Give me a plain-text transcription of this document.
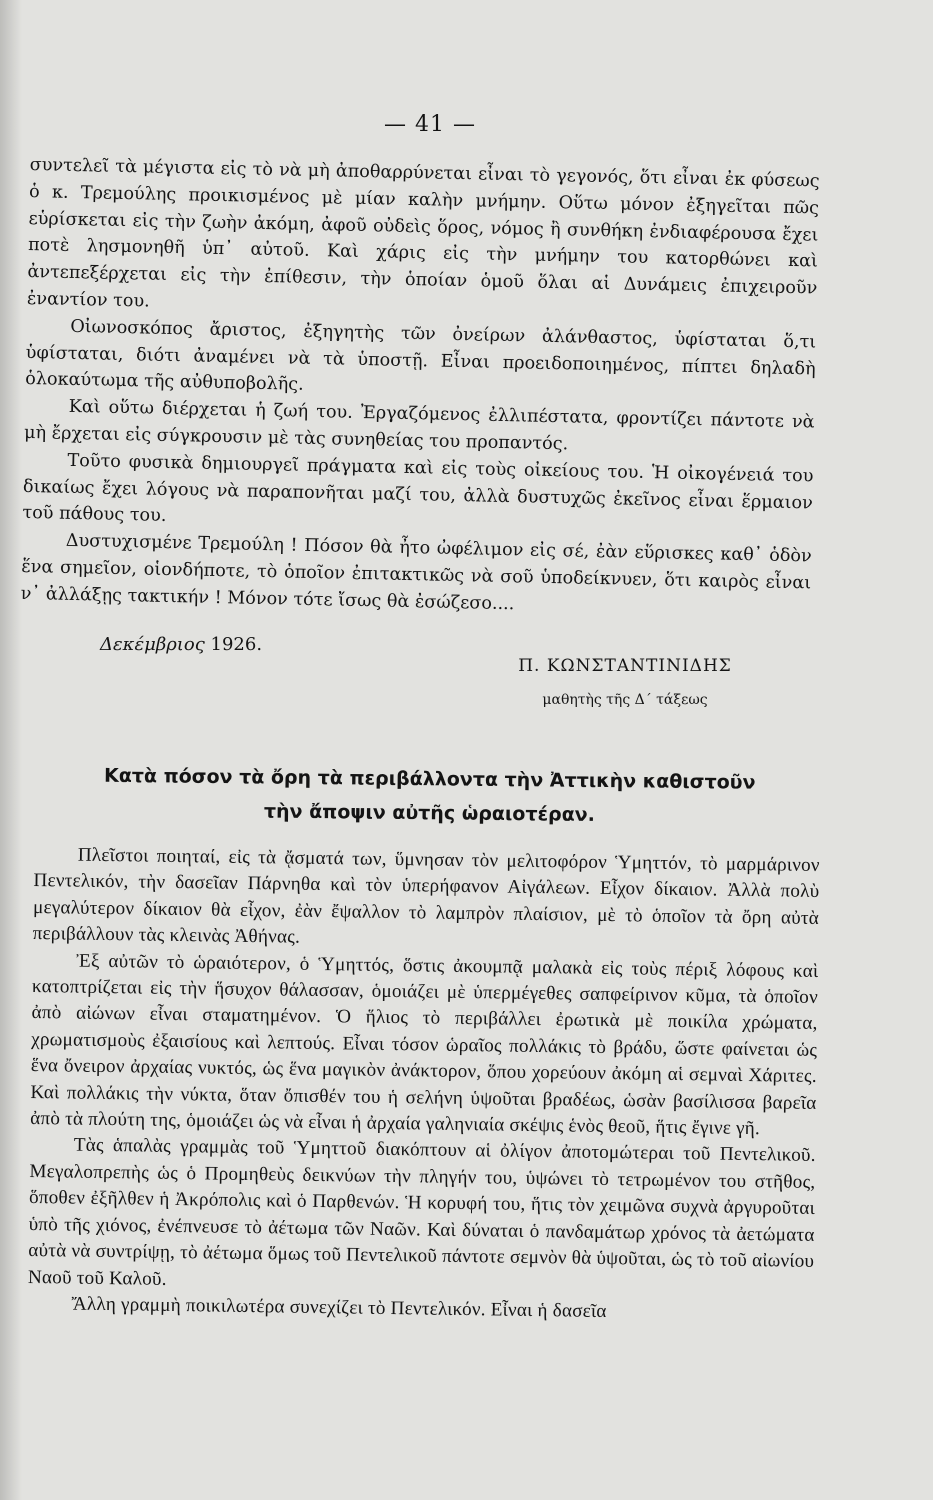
— 41 —

συντελεῖ τὰ μέγιστα εἰς τὸ νὰ μὴ ἀποθαρρύνεται εἶναι τὸ γεγονός, ὅτι εἶναι ἐκ φύσεως ὁ κ. Τρεμούλης προικισμένος μὲ μίαν καλὴν μνήμην. Οὕτω μόνον ἐξηγεῖται πῶς εὑρίσκεται εἰς τὴν ζωὴν ἀκόμη, ἀφοῦ οὐδεὶς ὅρος, νόμος ἢ συνθήκη ἐνδιαφέρουσα ἔχει ποτὲ λησμονηθῆ ὑπ᾽ αὐτοῦ. Καὶ χάρις εἰς τὴν μνήμην του κατορθώνει καὶ ἀντεπεξέρχεται εἰς τὴν ἐπίθεσιν, τὴν ὁποίαν ὁμοῦ ὅλαι αἱ Δυνάμεις ἐπιχειροῦν ἐναντίον του.

Οἰωνοσκόπος ἄριστος, ἐξηγητὴς τῶν ὀνείρων ἀλάνθαστος, ὑφίσταται ὅ,τι ὑφίσταται, διότι ἀναμένει νὰ τὰ ὑποστῇ. Εἶναι προειδοποιημένος, πίπτει δηλαδὴ ὁλοκαύτωμα τῆς αὐθυποβολῆς.

Καὶ οὕτω διέρχεται ἡ ζωή του. Ἐργαζόμενος ἐλλιπέστατα, φροντίζει πάντοτε νὰ μὴ ἔρχεται εἰς σύγκρουσιν μὲ τὰς συνηθείας του προπαντός.

Τοῦτο φυσικὰ δημιουργεῖ πράγματα καὶ εἰς τοὺς οἰκείους του. Ἡ οἰκογένειά του δικαίως ἔχει λόγους νὰ παραπονῆται μαζί του, ἀλλὰ δυστυχῶς ἐκεῖνος εἶναι ἕρμαιον τοῦ πάθους του.

Δυστυχισμένε Τρεμούλη ! Πόσον θὰ ἦτο ὠφέλιμον εἰς σέ, ἐὰν εὕρισκες καθ᾽ ὁδὸν ἕνα σημεῖον, οἱονδήποτε, τὸ ὁποῖον ἐπιτακτικῶς νὰ σοῦ ὑποδείκνυεν, ὅτι καιρὸς εἶναι ν᾽ ἀλλάξῃς τακτικήν ! Μόνον τότε ἴσως θὰ ἐσώζεσο....

Δεκέμβριος 1926.
Π. ΚΩΝΣΤΑΝΤΙΝΙΔΗΣ
μαθητὴς τῆς Δ´ τάξεως
Κατὰ πόσον τὰ ὄρη τὰ περιβάλλοντα τὴν Ἀττικὴν καθιστοῦν
τὴν ἄποψιν αὐτῆς ὡραιοτέραν.

Πλεῖστοι ποιηταί, εἰς τὰ ᾄσματά των, ὕμνησαν τὸν μελιτοφόρον Ὑμηττόν, τὸ μαρμάρινον Πεντελικόν, τὴν δασεῖαν Πάρνηθα καὶ τὸν ὑπερήφανον Αἰγάλεων. Εἶχον δίκαιον. Ἀλλὰ πολὺ μεγαλύτερον δίκαιον θὰ εἶχον, ἐὰν ἔψαλλον τὸ λαμπρὸν πλαίσιον, μὲ τὸ ὁποῖον τὰ ὄρη αὐτὰ περιβάλλουν τὰς κλεινὰς Ἀθήνας.

Ἐξ αὐτῶν τὸ ὡραιότερον, ὁ Ὑμηττός, ὅστις ἀκουμπᾷ μαλακὰ εἰς τοὺς πέριξ λόφους καὶ κατοπτρίζεται εἰς τὴν ἥσυχον θάλασσαν, ὁμοιάζει μὲ ὑπερμέγεθες σαπφείρινον κῦμα, τὰ ὁποῖον ἀπὸ αἰώνων εἶναι σταματημένον. Ὁ ἥλιος τὸ περιβάλλει ἐρωτικὰ μὲ ποικίλα χρώματα, χρωματισμοὺς ἐξαισίους καὶ λεπτούς. Εἶναι τόσον ὡραῖος πολλάκις τὸ βράδυ, ὥστε φαίνεται ὡς ἕνα ὄνειρον ἀρχαίας νυκτός, ὡς ἕνα μαγικὸν ἀνάκτορον, ὅπου χορεύουν ἀκόμη αἱ σεμναὶ Χάριτες. Καὶ πολλάκις τὴν νύκτα, ὅταν ὄπισθέν του ἡ σελήνη ὑψοῦται βραδέως, ὡσὰν βασίλισσα βαρεῖα ἀπὸ τὰ πλούτη της, ὁμοιάζει ὡς νὰ εἶναι ἡ ἀρχαία γαληνιαία σκέψις ἑνὸς θεοῦ, ἥτις ἔγινε γῆ.

Τὰς ἁπαλὰς γραμμὰς τοῦ Ὑμηττοῦ διακόπτουν αἱ ὀλίγον ἀποτομώτεραι τοῦ Πεντελικοῦ. Μεγαλοπρεπὴς ὡς ὁ Προμηθεὺς δεικνύων τὴν πληγήν του, ὑψώνει τὸ τετρωμένον του στῆθος, ὅποθεν ἐξῆλθεν ἡ Ἀκρόπολις καὶ ὁ Παρθενών. Ἡ κορυφή του, ἥτις τὸν χειμῶνα συχνὰ ἀργυροῦται ὑπὸ τῆς χιόνος, ἐνέπνευσε τὸ ἀέτωμα τῶν Ναῶν. Καὶ δύναται ὁ πανδαμάτωρ χρόνος τὰ ἀετώματα αὐτὰ νὰ συντρίψῃ, τὸ ἀέτωμα ὅμως τοῦ Πεντελικοῦ πάντοτε σεμνὸν θὰ ὑψοῦται, ὡς τὸ τοῦ αἰωνίου Ναοῦ τοῦ Καλοῦ.

Ἄλλη γραμμὴ ποικιλωτέρα συνεχίζει τὸ Πεντελικόν. Εἶναι ἡ δασεῖα
